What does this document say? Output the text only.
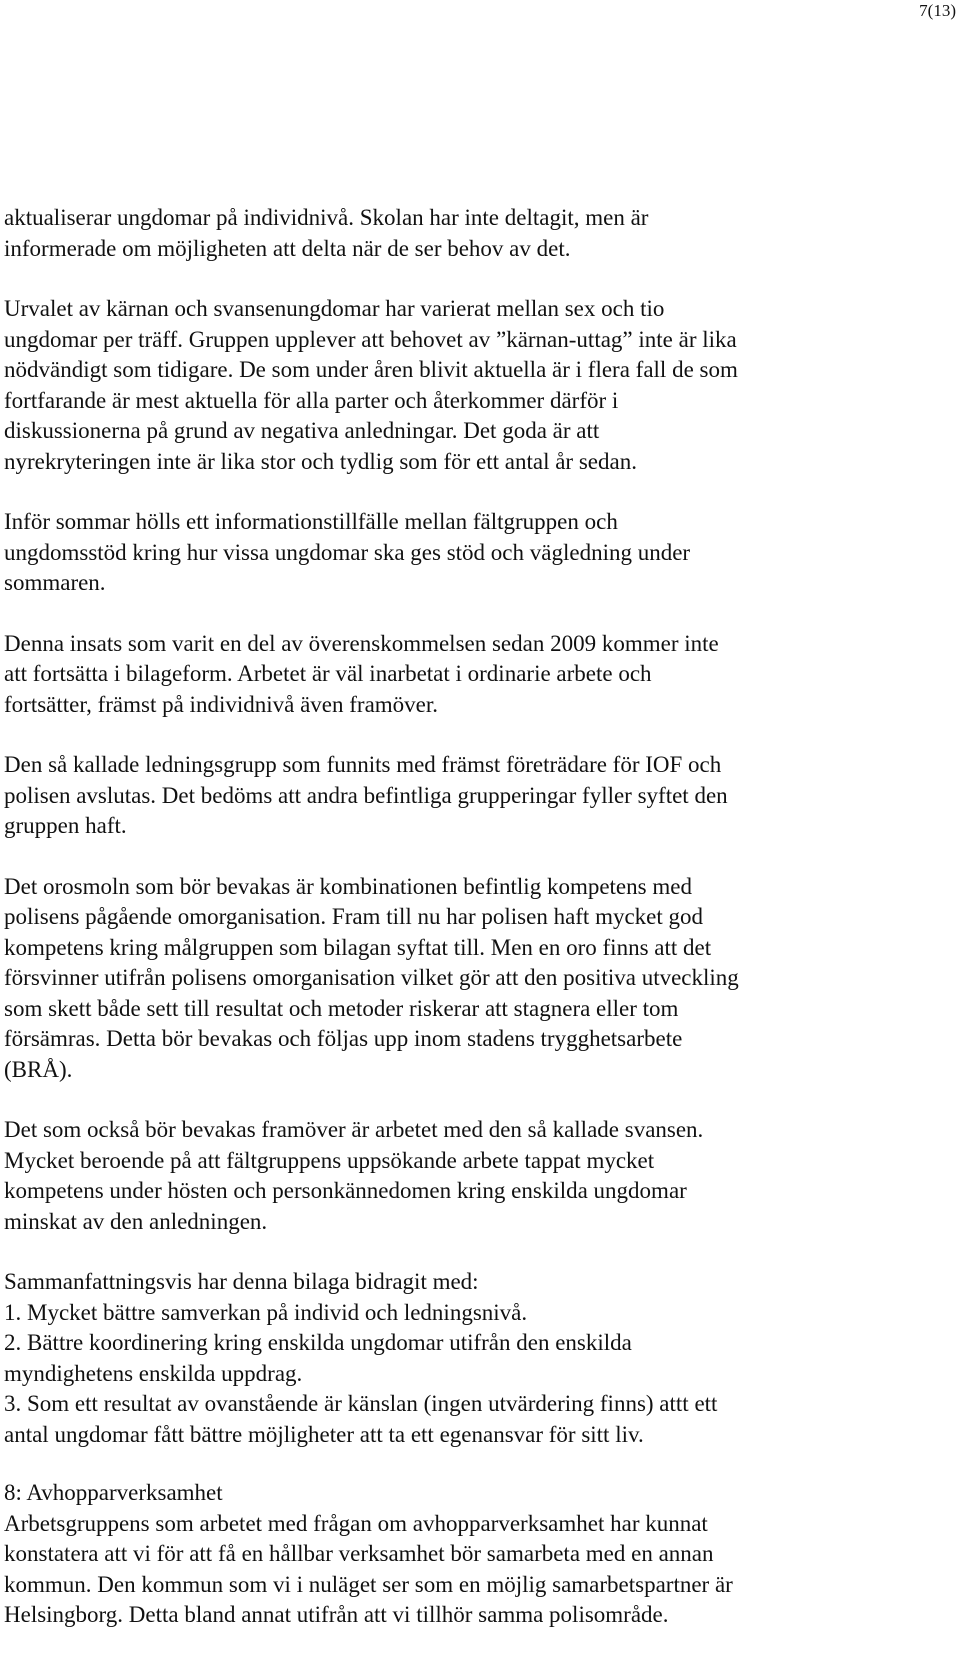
7(13)

aktualiserar ungdomar på individnivå. Skolan har inte deltagit, men är
informerade om möjligheten att delta när de ser behov av det.

Urvalet av kärnan och svansenungdomar har varierat mellan sex och tio
ungdomar per träff. Gruppen upplever att behovet av ”kärnan-uttag” inte är lika
nödvändigt som tidigare. De som under åren blivit aktuella är i flera fall de som
fortfarande är mest aktuella för alla parter och återkommer därför i
diskussionerna på grund av negativa anledningar. Det goda är att
nyrekryteringen inte är lika stor och tydlig som för ett antal år sedan.

Inför sommar hölls ett informationstillfälle mellan fältgruppen och
ungdomsstöd kring hur vissa ungdomar ska ges stöd och vägledning under
sommaren.

Denna insats som varit en del av överenskommelsen sedan 2009 kommer inte
att fortsätta i bilageform. Arbetet är väl inarbetat i ordinarie arbete och
fortsätter, främst på individnivå även framöver.

Den så kallade ledningsgrupp som funnits med främst företrädare för IOF och
polisen avslutas. Det bedöms att andra befintliga grupperingar fyller syftet den
gruppen haft.

Det orosmoln som bör bevakas är kombinationen befintlig kompetens med
polisens pågående omorganisation. Fram till nu har polisen haft mycket god
kompetens kring målgruppen som bilagan syftat till. Men en oro finns att det
försvinner utifrån polisens omorganisation vilket gör att den positiva utveckling
som skett både sett till resultat och metoder riskerar att stagnera eller tom
försämras. Detta bör bevakas och följas upp inom stadens trygghetsarbete
(BRÅ).

Det som också bör bevakas framöver är arbetet med den så kallade svansen.
Mycket beroende på att fältgruppens uppsökande arbete tappat mycket
kompetens under hösten och personkännedomen kring enskilda ungdomar
minskat av den anledningen.

Sammanfattningsvis har denna bilaga bidragit med:
1. Mycket bättre samverkan på individ och ledningsnivå.
2. Bättre koordinering kring enskilda ungdomar utifrån den enskilda
myndighetens enskilda uppdrag.
3. Som ett resultat av ovanstående är känslan (ingen utvärdering finns) attt ett
antal ungdomar fått bättre möjligheter att ta ett egenansvar för sitt liv.

8: Avhopparverksamhet
Arbetsgruppens som arbetet med frågan om avhopparverksamhet har kunnat
konstatera att vi för att få en hållbar verksamhet bör samarbeta med en annan
kommun. Den kommun som vi i nuläget ser som en möjlig samarbetspartner är
Helsingborg. Detta bland annat utifrån att vi tillhör samma polisområde.
